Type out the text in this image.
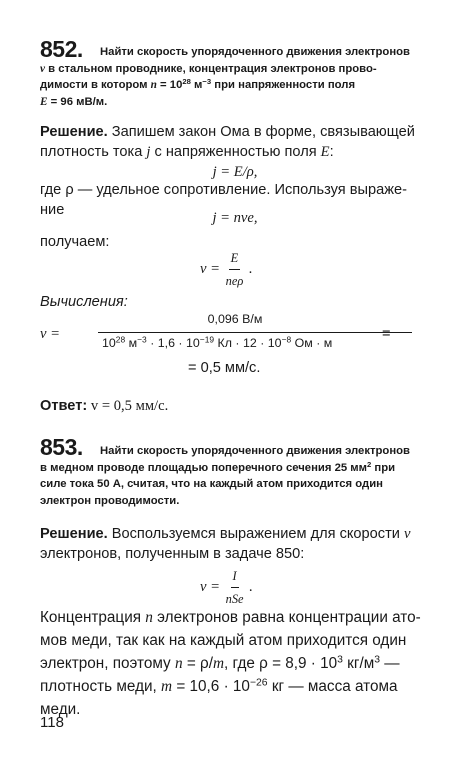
852.	Найти скорость упорядоченного движения электронов
v в стальном проводнике, концентрация электронов прово-
димости в котором $n = 10^{28}$ $м^{-3}$ при напряженности поля
E = 96 мВ/м.
Решение. Запишем закон Ома в форме, связывающей
плотность тока j с напряженностью поля E:
j = E/ρ,
где ρ — удельное сопротивление. Используя выраже-
ние	j = nve,
получаем:
$v = \frac{E}{\text{neρ}}$ .
Вычисления:
v =
0,096 В/м
$10^{28}$ $м^{-3} \cdot 1,6 \cdot 10^{-19}$ Кл · $12 \cdot 10^{-8}$ Ом · м
=
= 0,5 мм/с.
Ответ: v = 0,5 мм/с.
853.	Найти скорость упорядоченного движения электронов
в медном проводе площадью поперечного сечения 25 $мм^2$ при
силе тока 50 А, считая, что на каждый атом приходится один
электрон проводимости.
Решение. Воспользуемся выражением для скорости v
электронов, полученным в задаче 850:
$v = \frac{I}{\text{nSe}}$ .
Концентрация n электронов равна концентрации ато-
мов меди, так как на каждый атом приходится один
электрон, поэтому n = ρ/m, где $\rho = 8,9 \cdot 10^3$ $кг/м^3$ —
плотность меди, $m = 10,6 \cdot 10^{-26}$ кг — масса атома
меди.
118
